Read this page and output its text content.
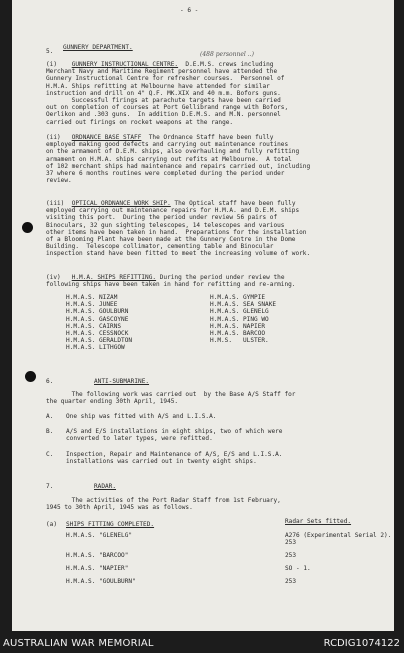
- 6 -
(488 personnel ..)
5.
GUNNERY DEPARTMENT.
(i)    GUNNERY INSTRUCTIONAL CENTRE.  D.E.M.S. crews including
Merchant Navy and Maritime Regiment personnel have attended the
Gunnery Instructional Centre for refresher courses.  Personnel of
H.M.A. Ships refitting at Melbourne have attended for similar
instruction and drill on 4" Q.F. MK.XIX and 40 m.m. Bofors guns.
Successful firings at parachute targets have been carried
out on completion of courses at Port Gellibrand range with Bofors,
Oerlikon and .303 guns.  In addition D.E.M.S. and M.N. personnel
carried out firings on rocket weapons at the range.
(ii)   ORDNANCE BASE STAFF  The Ordnance Staff have been fully
employed making good defects and carrying out maintenance routines
on the armament of D.E.M. ships, also overhauling and fully refitting
armament on H.M.A. ships carrying out refits at Melbourne.  A total
of 102 merchant ships had maintenance and repairs carried out, including
37 where 6 months routines were completed during the period under
review.
(iii)  OPTICAL ORDNANCE WORK SHIP. The Optical staff have been fully
employed carrying out maintenance repairs for H.M.A. and D.E.M. ships
visiting this port.  During the period under review 56 pairs of
Binoculars, 32 gun sighting telescopes, 14 telescopes and various
other items have been taken in hand.  Preparations for the installation
of a Blooming Plant have been made at the Gunnery Centre in the Dome
Building.  Telescope collimator, cementing table and Binocular
inspection stand have been fitted to meet the increasing volume of work.
(iv)   H.M.A. SHIPS REFITTING. During the period under review the
following ships have been taken in hand for refitting and re-arming.
H.M.A.S. NIZAM
H.M.A.S. JUNEE
H.M.A.S. GOULBURN
H.M.A.S. GASCOYNE
H.M.A.S. CAIRNS
H.M.A.S. CESSNOCK
H.M.A.S. GERALDTON
H.M.A.S. LITHGOW
H.M.A.S. GYMPIE
H.M.A.S. SEA SNAKE
H.M.A.S. GLENELG
H.M.A.S. PING WO
H.M.A.S. NAPIER
H.M.A.S. BARCOO
H.M.S.   ULSTER.
6.	ANTI-SUBMARINE.
The following work was carried out  by the Base A/S Staff for
the quarter ending 30th April, 1945.
A. One ship was fitted with A/S and L.I.S.A.
B. A/S and E/S installations in eight ships, two of which were
converted to later types, were refitted.
C. Inspection, Repair and Maintenance of A/S, E/S and L.I.S.A.
installations was carried out in twenty eight ships.
7.	RADAR.
The activities of the Port Radar Staff from 1st February,
1945 to 30th April, 1945 was as follows.
(a) SHIPS FITTING COMPLETED.	Radar Sets fitted.
H.M.A.S. "GLENELG"	A276 (Experimental Serial 2).
253
H.M.A.S. "BARCOO"	253
H.M.A.S. "NAPIER"	SO - 1.
H.M.A.S. "GOULBURN"	253
AUSTRALIAN WAR MEMORIAL	RCDIG1074122
